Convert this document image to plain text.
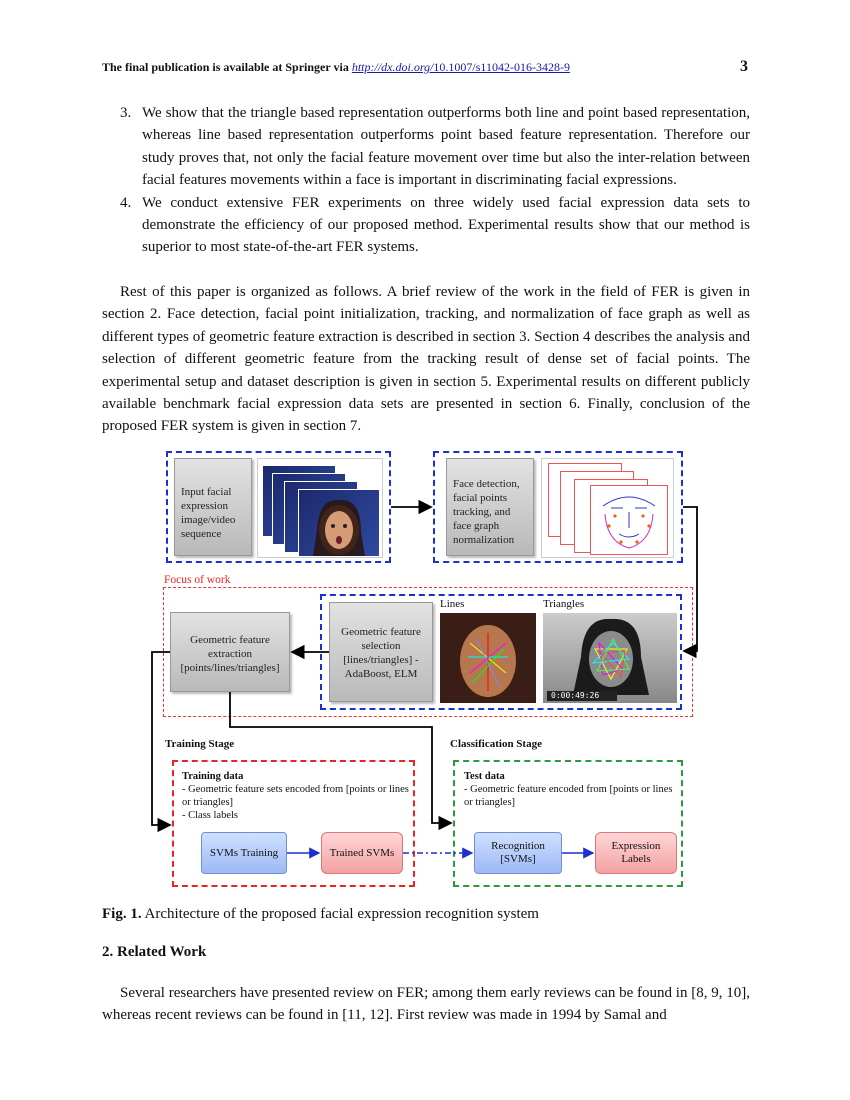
The final publication is available at Springer via http://dx.doi.org/10.1007/s11042-016-3428-9	3
3. We show that the triangle based representation outperforms both line and point based representation, whereas line based representation outperforms point based feature representation. Therefore our study proves that, not only the facial feature movement over time but also the inter-relation between facial features movements within a face is important in discriminating facial expressions.
4. We conduct extensive FER experiments on three widely used facial expression data sets to demonstrate the efficiency of our proposed method. Experimental results show that our method is superior to most state-of-the-art FER systems.
Rest of this paper is organized as follows. A brief review of the work in the field of FER is given in section 2. Face detection, facial point initialization, tracking, and normalization of face graph as well as different types of geometric feature extraction is described in section 3. Section 4 describes the analysis and selection of different geometric feature from the tracking result of dense set of facial points. The experimental setup and dataset description is given in section 5. Experimental results on different publicly available benchmark facial expression data sets are presented in section 6. Finally, conclusion of the proposed FER system is given in section 7.
Input facial expression image/video sequence
Face detection, facial points tracking, and face graph normalization
Focus of work
Geometric feature extraction [points/lines/triangles]
Geometric feature selection [lines/triangles] - AdaBoost, ELM
Lines	Triangles
0:00:49:26
Training Stage	Classification Stage
Training data
- Geometric feature sets encoded from [points or lines or triangles]
- Class labels
Test data
- Geometric feature encoded from [points or lines or triangles]
SVMs Training	Trained SVMs
Recognition [SVMs]
Expression Labels
Fig. 1. Architecture of the proposed facial expression recognition system
2. Related Work
Several researchers have presented review on FER; among them early reviews can be found in [8, 9, 10], whereas recent reviews can be found in [11, 12]. First review was made in 1994 by Samal and
